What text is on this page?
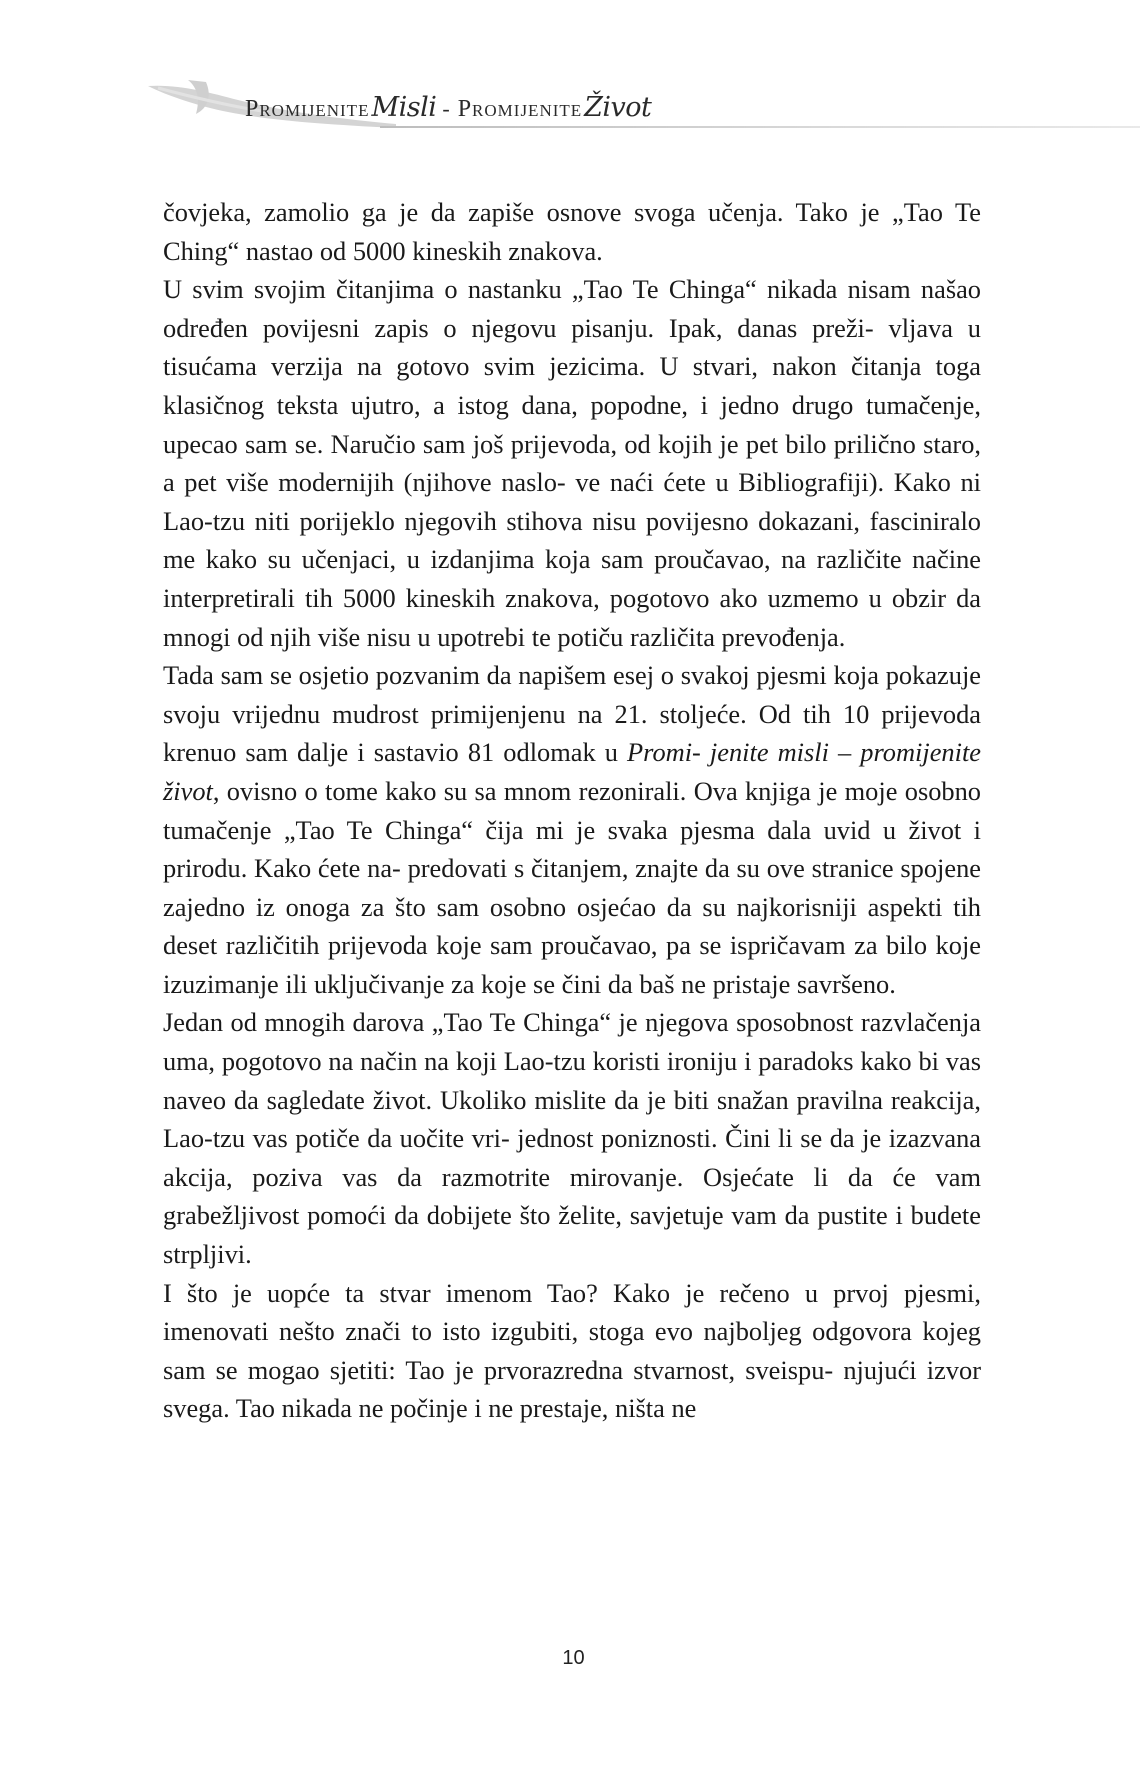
Promijenite Misli - Promijenite Život

čovjeka, zamolio ga je da zapiše osnove svoga učenja. Tako je „Tao Te Ching“ nastao od 5000 kineskih znakova.

U svim svojim čitanjima o nastanku „Tao Te Chinga“ nikada nisam našao određen povijesni zapis o njegovu pisanju. Ipak, danas preži- vljava u tisućama verzija na gotovo svim jezicima. U stvari, nakon čitanja toga klasičnog teksta ujutro, a istog dana, popodne, i jedno drugo tumačenje, upecao sam se. Naručio sam još prijevoda, od kojih je pet bilo prilično staro, a pet više modernijih (njihove naslo- ve naći ćete u Bibliografiji). Kako ni Lao-tzu niti porijeklo njegovih stihova nisu povijesno dokazani, fasciniralo me kako su učenjaci, u izdanjima koja sam proučavao, na različite načine interpretirali tih 5000 kineskih znakova, pogotovo ako uzmemo u obzir da mnogi od njih više nisu u upotrebi te potiču različita prevođenja.

Tada sam se osjetio pozvanim da napišem esej o svakoj pjesmi koja pokazuje svoju vrijednu mudrost primijenjenu na 21. stoljeće. Od tih 10 prijevoda krenuo sam dalje i sastavio 81 odlomak u Promi- jenite misli – promijenite život, ovisno o tome kako su sa mnom rezonirali. Ova knjiga je moje osobno tumačenje „Tao Te Chinga“ čija mi je svaka pjesma dala uvid u život i prirodu. Kako ćete na- predovati s čitanjem, znajte da su ove stranice spojene zajedno iz onoga za što sam osobno osjećao da su najkorisniji aspekti tih deset različitih prijevoda koje sam proučavao, pa se ispričavam za bilo koje izuzimanje ili uključivanje za koje se čini da baš ne pristaje savršeno.

Jedan od mnogih darova „Tao Te Chinga“ je njegova sposobnost razvlačenja uma, pogotovo na način na koji Lao-tzu koristi ironiju i paradoks kako bi vas naveo da sagledate život. Ukoliko mislite da je biti snažan pravilna reakcija, Lao-tzu vas potiče da uočite vri- jednost poniznosti. Čini li se da je izazvana akcija, poziva vas da razmotrite mirovanje. Osjećate li da će vam grabežljivost pomoći da dobijete što želite, savjetuje vam da pustite i budete strpljivi.

I što je uopće ta stvar imenom Tao? Kako je rečeno u prvoj pjesmi, imenovati nešto znači to isto izgubiti, stoga evo najboljeg odgovora kojeg sam se mogao sjetiti: Tao je prvorazredna stvarnost, sveispu- njujući izvor svega. Tao nikada ne počinje i ne prestaje, ništa ne

10
